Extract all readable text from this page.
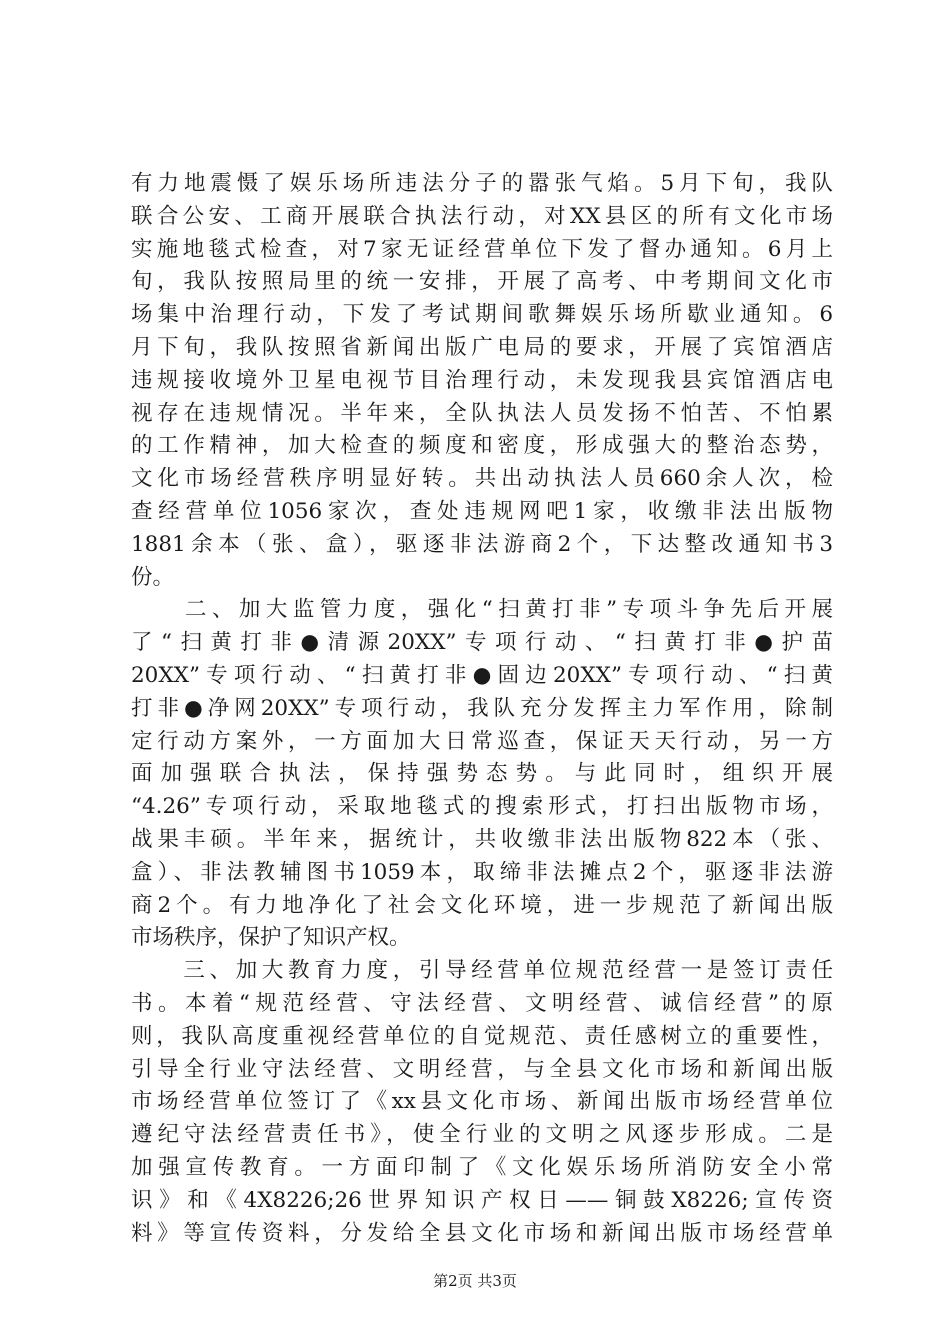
有力地震慑了娱乐场所违法分子的嚣张气焰。5月下旬，我队
联合公安、工商开展联合执法行动，对XX县区的所有文化市场
实施地毯式检查，对7家无证经营单位下发了督办通知。6月上
旬，我队按照局里的统一安排，开展了高考、中考期间文化市
场集中治理行动，下发了考试期间歌舞娱乐场所歇业通知。6
月下旬，我队按照省新闻出版广电局的要求，开展了宾馆酒店
违规接收境外卫星电视节目治理行动，未发现我县宾馆酒店电
视存在违规情况。半年来，全队执法人员发扬不怕苦、不怕累
的工作精神，加大检查的频度和密度，形成强大的整治态势，
文化市场经营秩序明显好转。共出动执法人员660余人次，检
查经营单位1056家次，查处违规网吧1家，收缴非法出版物
1881余本（张、盒），驱逐非法游商2个，下达整改通知书3
份。
　　二、加大监管力度，强化“扫黄打非”专项斗争先后开展
了“扫黄打非●清源20XX”专项行动、“扫黄打非●护苗
20XX”专项行动、“扫黄打非●固边20XX”专项行动、“扫黄
打非●净网20XX”专项行动，我队充分发挥主力军作用，除制
定行动方案外，一方面加大日常巡查，保证天天行动，另一方
面加强联合执法，保持强势态势。与此同时，组织开展
“4.26”专项行动，采取地毯式的搜索形式，打扫出版物市场，
战果丰硕。半年来，据统计，共收缴非法出版物822本（张、
盒）、非法教辅图书1059本，取缔非法摊点2个，驱逐非法游
商2个。有力地净化了社会文化环境，进一步规范了新闻出版
市场秩序，保护了知识产权。
　　三、加大教育力度，引导经营单位规范经营一是签订责任
书。本着“规范经营、守法经营、文明经营、诚信经营”的原
则，我队高度重视经营单位的自觉规范、责任感树立的重要性，
引导全行业守法经营、文明经营，与全县文化市场和新闻出版
市场经营单位签订了《xx县文化市场、新闻出版市场经营单位
遵纪守法经营责任书》，使全行业的文明之风逐步形成。二是
加强宣传教育。一方面印制了《文化娱乐场所消防安全小常
识》和《4X8226;26世界知识产权日——铜鼓X8226;宣传资
料》等宣传资料，分发给全县文化市场和新闻出版市场经营单
第2页 共3页
